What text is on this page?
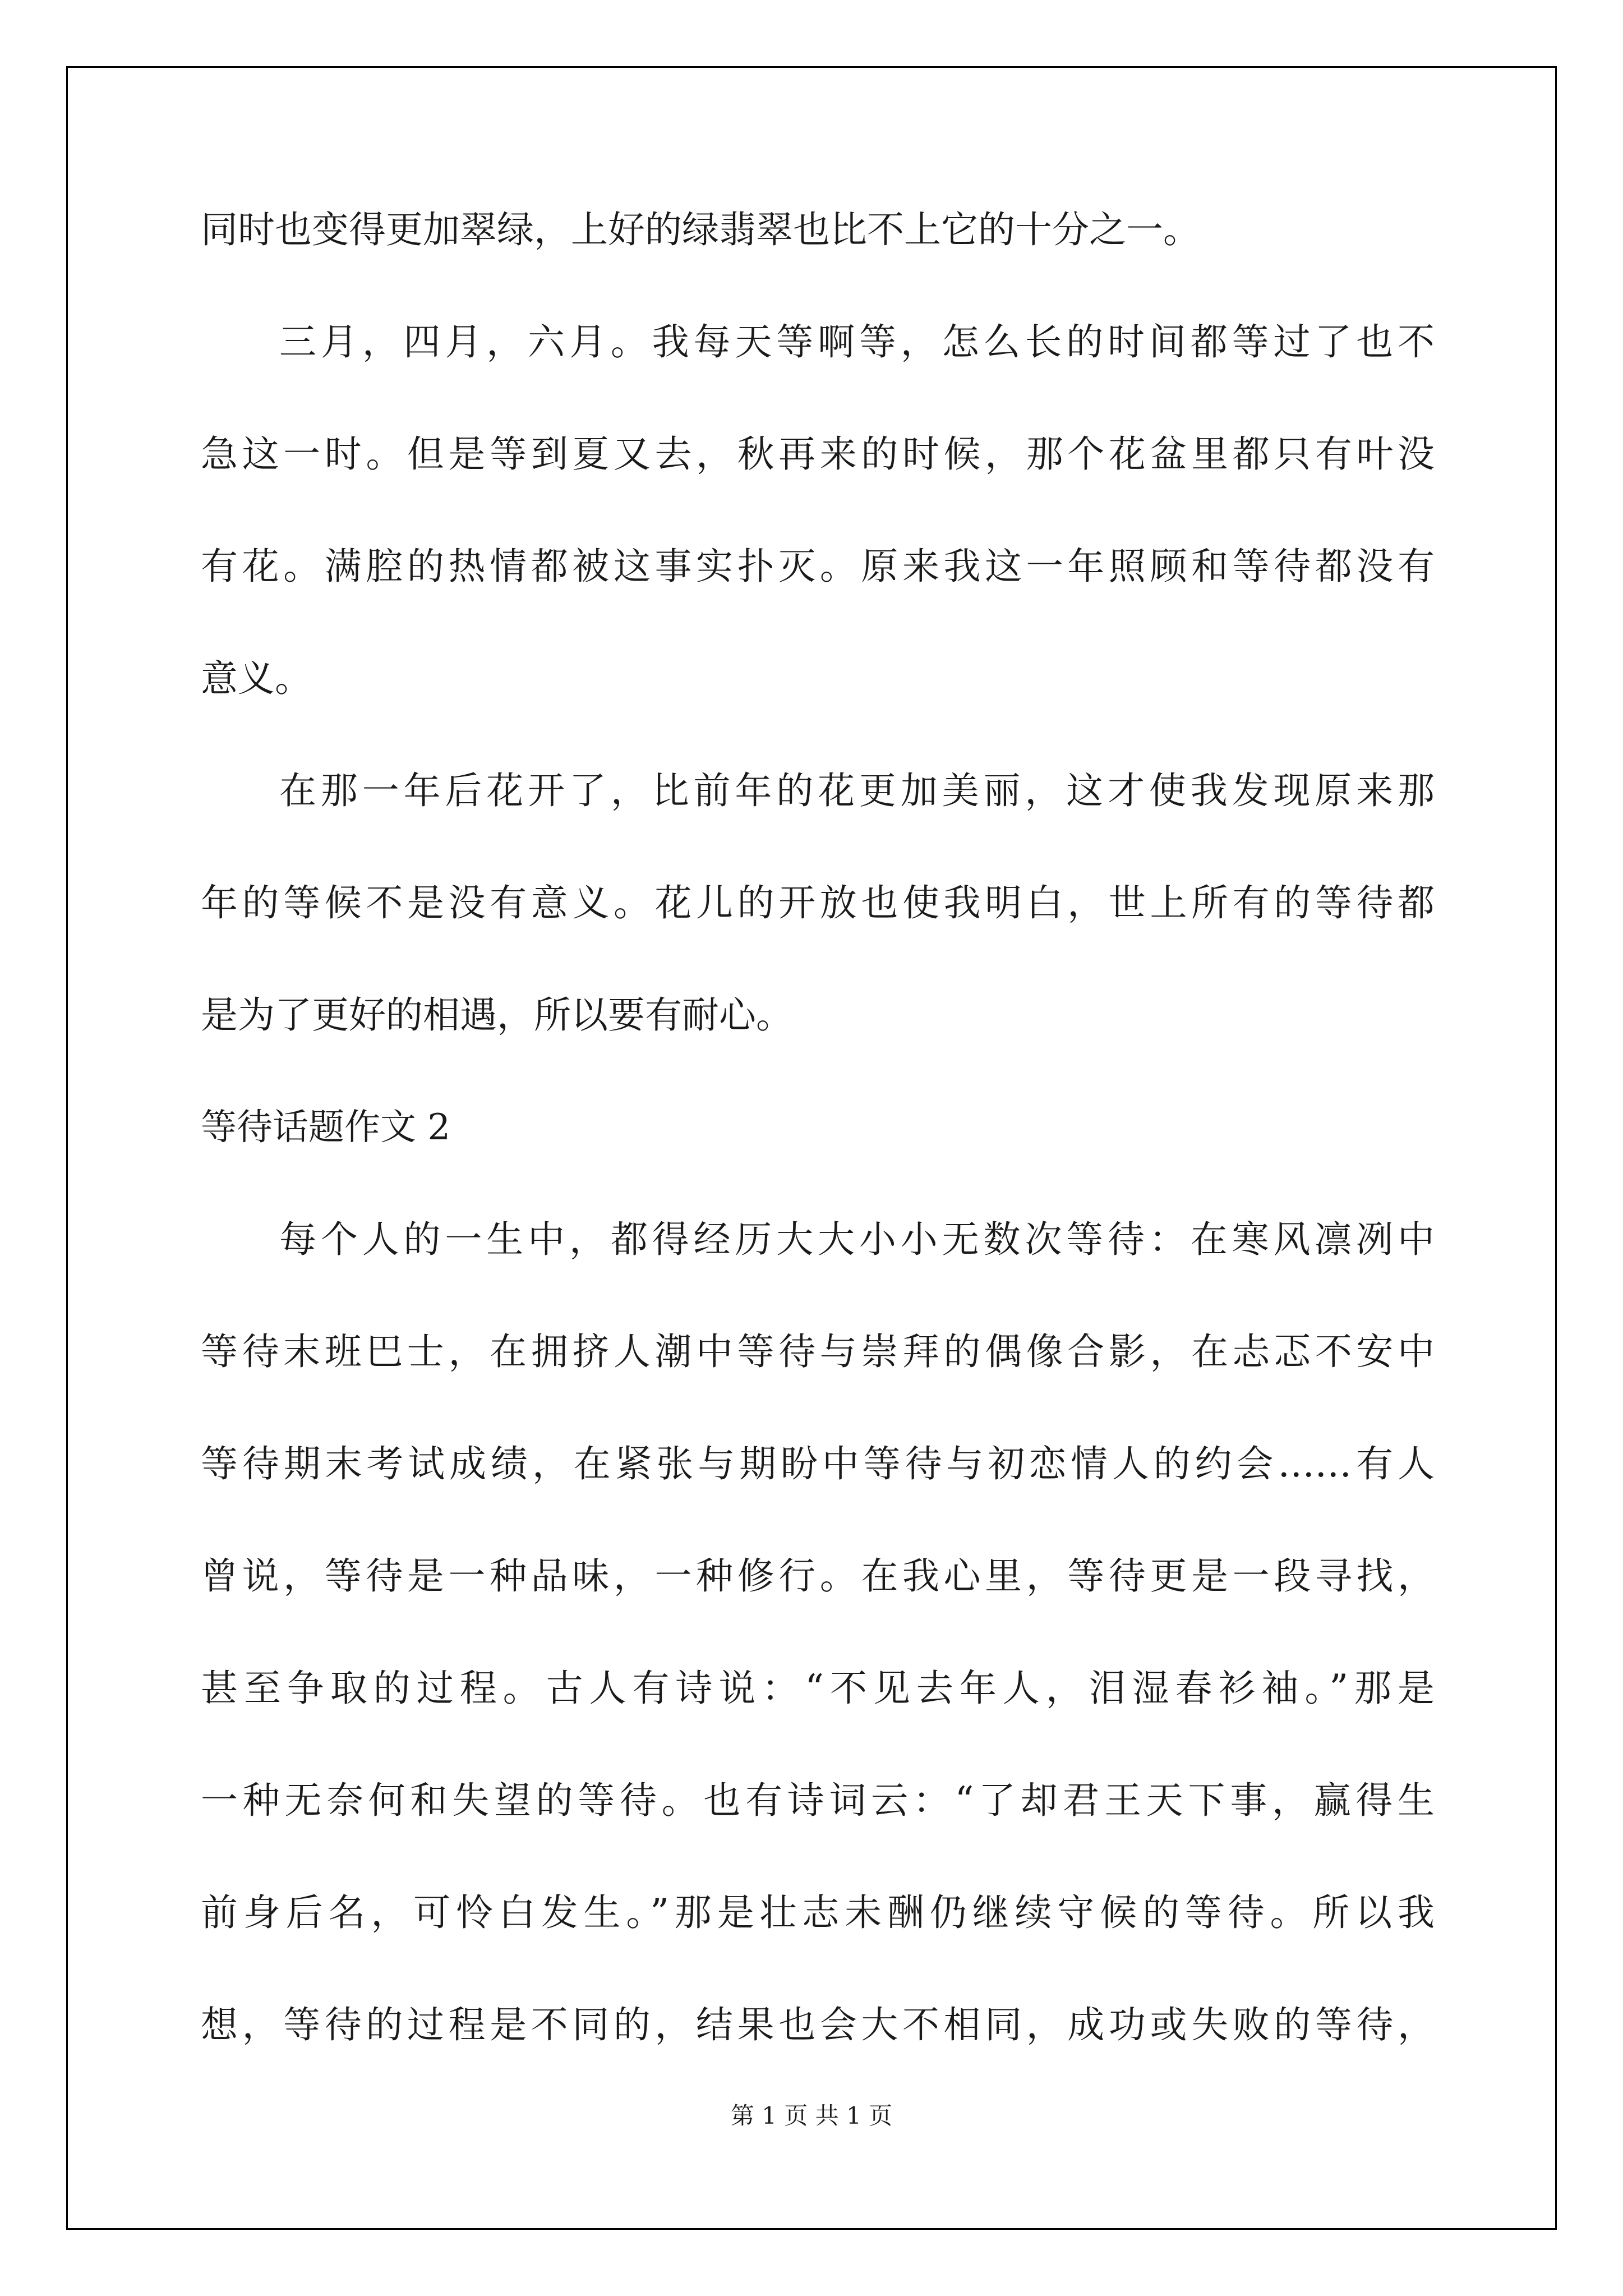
同时也变得更加翠绿，上好的绿翡翠也比不上它的十分之一。
三月，四月，六月。我每天等啊等，怎么长的时间都等过了也不
急这一时。但是等到夏又去，秋再来的时候，那个花盆里都只有叶没
有花。满腔的热情都被这事实扑灭。原来我这一年照顾和等待都没有
意义。
在那一年后花开了，比前年的花更加美丽，这才使我发现原来那
年的等候不是没有意义。花儿的开放也使我明白，世上所有的等待都
是为了更好的相遇，所以要有耐心。
等待话题作文 2
每个人的一生中，都得经历大大小小无数次等待：在寒风凛冽中
等待末班巴士，在拥挤人潮中等待与崇拜的偶像合影，在忐忑不安中
等待期末考试成绩，在紧张与期盼中等待与初恋情人的约会……有人
曾说，等待是一种品味，一种修行。在我心里，等待更是一段寻找，
甚至争取的过程。古人有诗说：“不见去年人，泪湿春衫袖。”那是
一种无奈何和失望的等待。也有诗词云：“了却君王天下事，赢得生
前身后名，可怜白发生。”那是壮志未酬仍继续守候的等待。所以我
想，等待的过程是不同的，结果也会大不相同，成功或失败的等待，
第 1 页 共 1 页
